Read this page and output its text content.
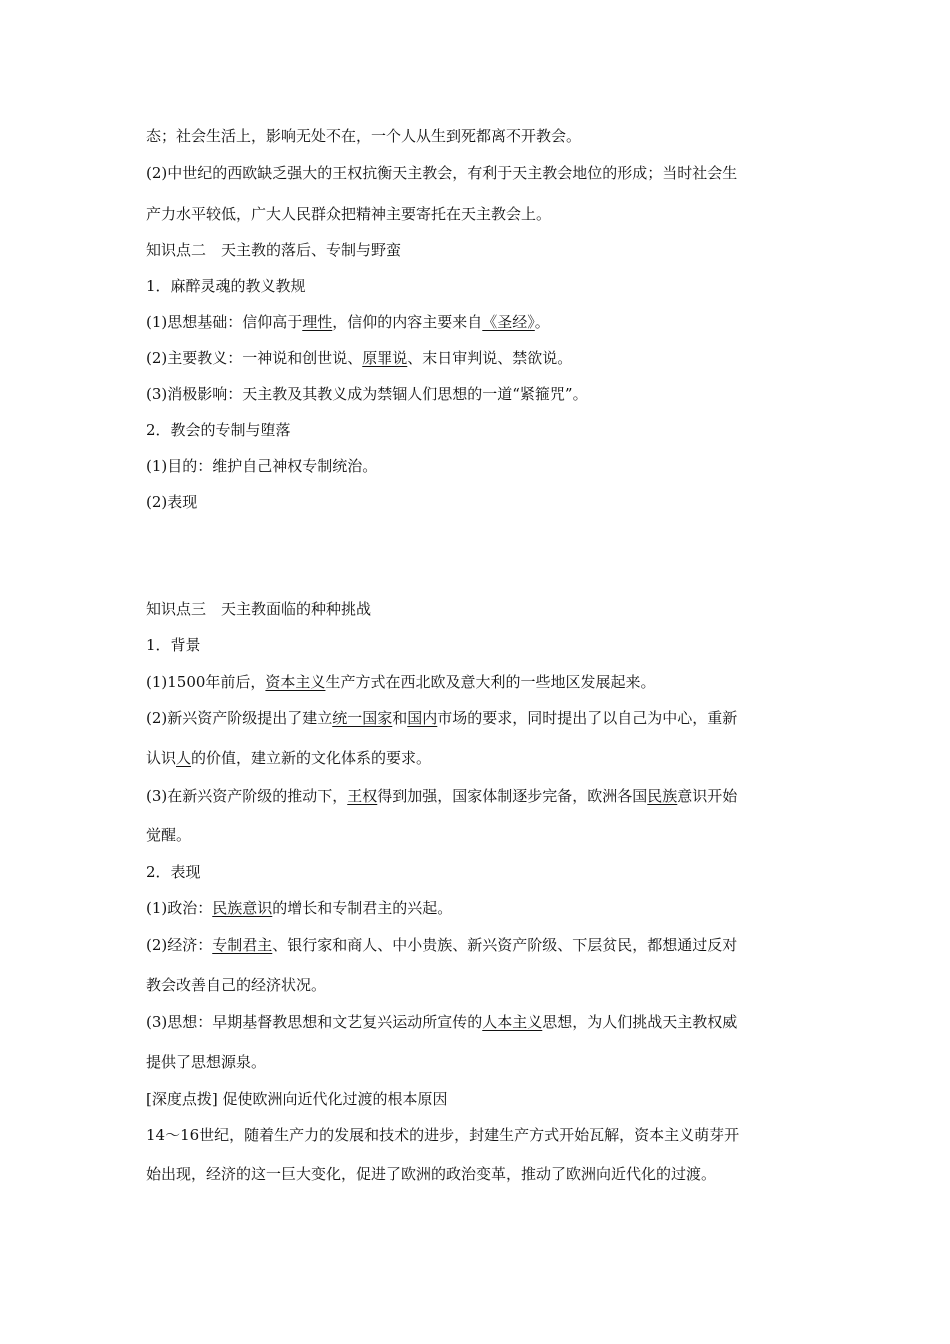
态；社会生活上，影响无处不在，一个人从生到死都离不开教会。
(2)中世纪的西欧缺乏强大的王权抗衡天主教会，有利于天主教会地位的形成；当时社会生
产力水平较低，广大人民群众把精神主要寄托在天主教会上。
知识点二　天主教的落后、专制与野蛮
1．麻醉灵魂的教义教规
(1)思想基础：信仰高于理性，信仰的内容主要来自《圣经》。
(2)主要教义：一神说和创世说、原罪说、末日审判说、禁欲说。
(3)消极影响：天主教及其教义成为禁锢人们思想的一道“紧箍咒”。
2．教会的专制与堕落
(1)目的：维护自己神权专制统治。
(2)表现
知识点三　天主教面临的种种挑战
1．背景
(1)1500年前后，资本主义生产方式在西北欧及意大利的一些地区发展起来。
(2)新兴资产阶级提出了建立统一国家和国内市场的要求，同时提出了以自己为中心，重新
认识人的价值，建立新的文化体系的要求。
(3)在新兴资产阶级的推动下，王权得到加强，国家体制逐步完备，欧洲各国民族意识开始
觉醒。
2．表现
(1)政治：民族意识的增长和专制君主的兴起。
(2)经济：专制君主、银行家和商人、中小贵族、新兴资产阶级、下层贫民，都想通过反对
教会改善自己的经济状况。
(3)思想：早期基督教思想和文艺复兴运动所宣传的人本主义思想，为人们挑战天主教权威
提供了思想源泉。
[深度点拨] 促使欧洲向近代化过渡的根本原因
14～16世纪，随着生产力的发展和技术的进步，封建生产方式开始瓦解，资本主义萌芽开
始出现，经济的这一巨大变化，促进了欧洲的政治变革，推动了欧洲向近代化的过渡。
